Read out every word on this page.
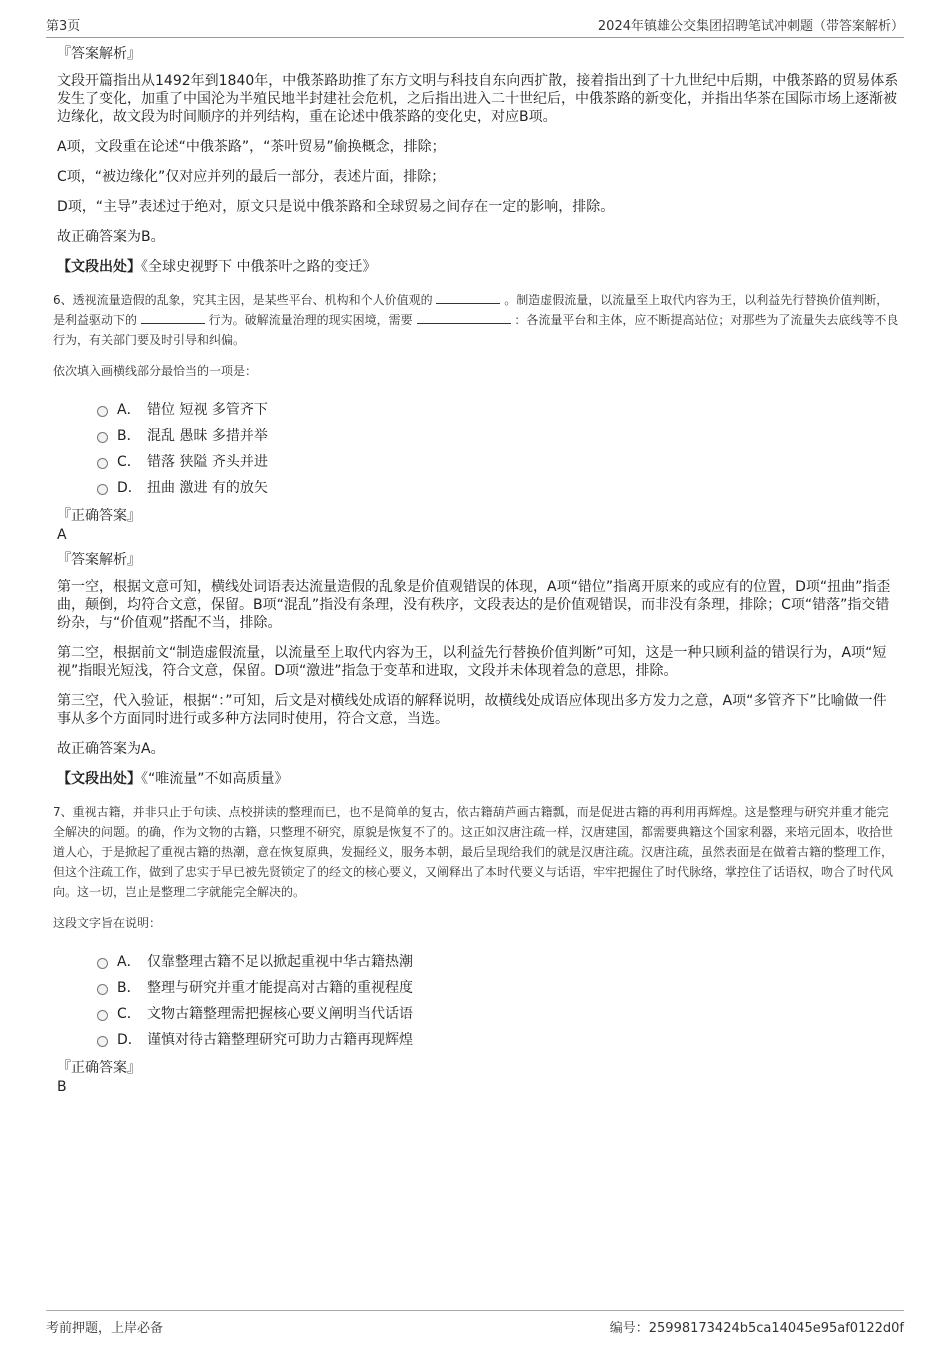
第3页	2024年镇雄公交集团招聘笔试冲刺题（带答案解析）
『答案解析』

文段开篇指出从1492年到1840年，中俄茶路助推了东方文明与科技自东向西扩散，接着指出到了十九世纪中后期，中俄茶路的贸易体系发生了变化，加重了中国沦为半殖民地半封建社会危机，之后指出进入二十世纪后，中俄茶路的新变化，并指出华茶在国际市场上逐渐被边缘化，故文段为时间顺序的并列结构，重在论述中俄茶路的变化史，对应B项。

A项，文段重在论述“中俄茶路”，“茶叶贸易”偷换概念，排除；

C项，“被边缘化”仅对应并列的最后一部分，表述片面，排除；

D项，“主导”表述过于绝对，原文只是说中俄茶路和全球贸易之间存在一定的影响，排除。

故正确答案为B。

【文段出处】《全球史视野下 中俄茶叶之路的变迁》

6、透视流量造假的乱象，究其主因，是某些平台、机构和个人价值观的	。制造虚假流量，以流量至上取代内容为王，以利益先行替换价值判断，是利益驱动下的	行为。破解流量治理的现实困境，需要	：各流量平台和主体，应不断提高站位；对那些为了流量失去底线等不良行为，有关部门要及时引导和纠偏。
依次填入画横线部分最恰当的一项是：
A． 错位 短视 多管齐下
B． 混乱 愚昧 多措并举
C． 错落 狭隘 齐头并进
D． 扭曲 激进 有的放矢
『正确答案』
A
『答案解析』

第一空，根据文意可知，横线处词语表达流量造假的乱象是价值观错误的体现，A项“错位”指离开原来的或应有的位置，D项“扭曲”指歪曲，颠倒，均符合文意，保留。B项“混乱”指没有条理，没有秩序，文段表达的是价值观错误，而非没有条理，排除；C项“错落”指交错纷杂，与“价值观”搭配不当，排除。

第二空，根据前文“制造虚假流量，以流量至上取代内容为王，以利益先行替换价值判断”可知，这是一种只顾利益的错误行为，A项“短视”指眼光短浅，符合文意，保留。D项“激进”指急于变革和进取，文段并未体现着急的意思，排除。

第三空，代入验证，根据“：”可知，后文是对横线处成语的解释说明，故横线处成语应体现出多方发力之意，A项“多管齐下”比喻做一件事从多个方面同时进行或多种方法同时使用，符合文意，当选。

故正确答案为A。

【文段出处】《“唯流量”不如高质量》

7、重视古籍，并非只止于句读、点校拼读的整理而已，也不是简单的复古，依古籍葫芦画古籍瓢，而是促进古籍的再利用再辉煌。这是整理与研究并重才能完全解决的问题。的确，作为文物的古籍，只整理不研究，原貌是恢复不了的。这正如汉唐注疏一样，汉唐建国，都需要典籍这个国家利器，来培元固本，收拾世道人心，于是掀起了重视古籍的热潮，意在恢复原典，发掘经义，服务本朝，最后呈现给我们的就是汉唐注疏。汉唐注疏，虽然表面是在做着古籍的整理工作，但这个注疏工作，做到了忠实于早已被先贤锁定了的经文的核心要义，又阐释出了本时代要义与话语，牢牢把握住了时代脉络，掌控住了话语权，吻合了时代风向。这一切，岂止是整理二字就能完全解决的。
这段文字旨在说明：
A． 仅靠整理古籍不足以掀起重视中华古籍热潮
B． 整理与研究并重才能提高对古籍的重视程度
C． 文物古籍整理需把握核心要义阐明当代话语
D． 谨慎对待古籍整理研究可助力古籍再现辉煌
『正确答案』
B
考前押题，上岸必备	编号：25998173424b5ca14045e95af0122d0f
